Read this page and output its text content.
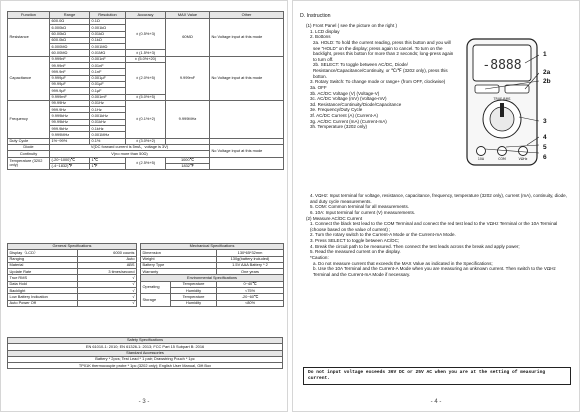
Function	Range	Resolution	Accuracy	MAX Value	Other
Resistance	600.0Ω	0.1Ω	± (0.5%+3)	60MΩ	No Voltage input at this mode
	6.000kΩ	0.001kΩ			
	60.00kΩ	0.01kΩ			
	600.0kΩ	0.1kΩ			
	6.000MΩ	0.001MΩ			
	60.00MΩ	0.01MΩ	± (1.5%+3)		
Capacitance	9.999nF	0.001nF	± (5.0%+20)	9.999mF	No Voltage input at this mode
	99.99nF	0.01nF	± (2.0%+5)		
	999.9nF	0.1nF			
	9.999μF	0.001μF			
	99.99μF	0.01μF			
	999.9μF	0.1μF			
	9.999mF	0.001mF	± (5.0%+5)		
Frequency	99.99Hz	0.01Hz	± (0.1%+2)	9.999MHz	
	999.9Hz	0.1Hz			
	9.999kHz	0.001kHz			
	99.99kHz	0.01kHz			
	999.9kHz	0.1kHz			
	9.999MHz	0.001MHz			
Duty Cycle	1%~99%	0.1%	± (3.0%+2)		
Diode	V(DC forward current is 5mA，voltage is 3V)				No Voltage input at this mode
Continuity	V(no more than 50Ω)				
Temperature (3202 only)	(-20~1000)℃	1℃	± (2.5%+5)	1000℃	
	(-4~1832)℉	1℉		1832℉	
General Specifications	
Display（LCD）	6000 counts
Ranging	Auto
Material	ABS
Update Rate	3 times/second
True RMS	√
Data Hold	√
Backlight	√
Low Battery Indication	√
Auto Power Off	√
Mechanical Specifications		
Dimension		130*65*32mm
Weight		130g(battery included)
Battery Type		1.5V AAA Battery * 2
Warranty		One years
Environmental Specifications		
Operating	Temperature	0~40℃
	Humidity	<75%
Storage	Temperature	-20~60℃
	Humidity	<80%
Safety Specifications
EN 61010-1: 2010; EN 61326-1: 2013; FCC Part 15 Subpart B: 2016
Standard Accessories
Battery * 2pcs; Test Lead * 1 pair; Drawstring Pouch * 1pc
TP01K thermocouple probe * 1pc (3202 only); English User Manual, Gift Box
- 3 -
D. Instruction

(1) Front Panel ( see the picture on the right )

1. LCD display

2. Bottons

2a. HOLD: To hold the current reading, press this button and you will see "HOLD" on the display; press again to cancel. To turn on the backlight, press this botton for more than 2 seconds; long-press again to turn off.

2b. SELECT: To toggle between AC/DC, Diode/ Resistance/Capacitance/Continuity, or ℃/℉ (3202 only), press this botton.

3. Rotary Switch: To change mode or range+ (from OFF, clockwise)

3a. OFF

3b. AC/DC Voltage (V) (Voltage-V)

3c. AC/DC Voltage (mV) (Voltage-mV)

3d. Resistance/Continuity/Diode/Capacitance

3e. Frequency/Duty Cycle

3f. AC/DC Current (A) (Current-A)

3g. AC/DC Current (mA) (Current-mA)

3h. Temperature (3202 only)

4. VΩHz: Input terminal for voltage, resistance, capacitance, frequency, temperature (3202 only), current (mA), continuity, diode, and duty cycle measurements.

5. COM: Common terminal for all measurements.

6. 10A: Input terminal for current (V) measurements.

(2) Measure AC/DC Current

1. Connect the black test lead to the COM Terminal and connect the red test lead to the VΩHz Terminal or the 10A Terminal (choose based on the value of current) ;

2. Turn the rotary switch to the Current-A Mode or the Current-mA Mode.

3. Press SELECT to toggle between AC/DC;

4. Break the circuit path to be measured. Then connect the test leads across the break and apply power;

5. Read the measured current on the display.

*Caution:

a. Do not measure current that exceeds the MAX Value as indicated in the Specifications;

b. Use the 10A Terminal and the Current-A Mode when you are measuring an unknown current. Then switch to the VΩHz Terminal and the Current-mA Mode if necessary.

Do not input voltage exceeds 36V DC or 25V AC when you are at the setting of measuring current.
-8888
TRUE RMS
10A	COM	VΩHz
1
2a
2b
3
4
5
6
- 4 -
